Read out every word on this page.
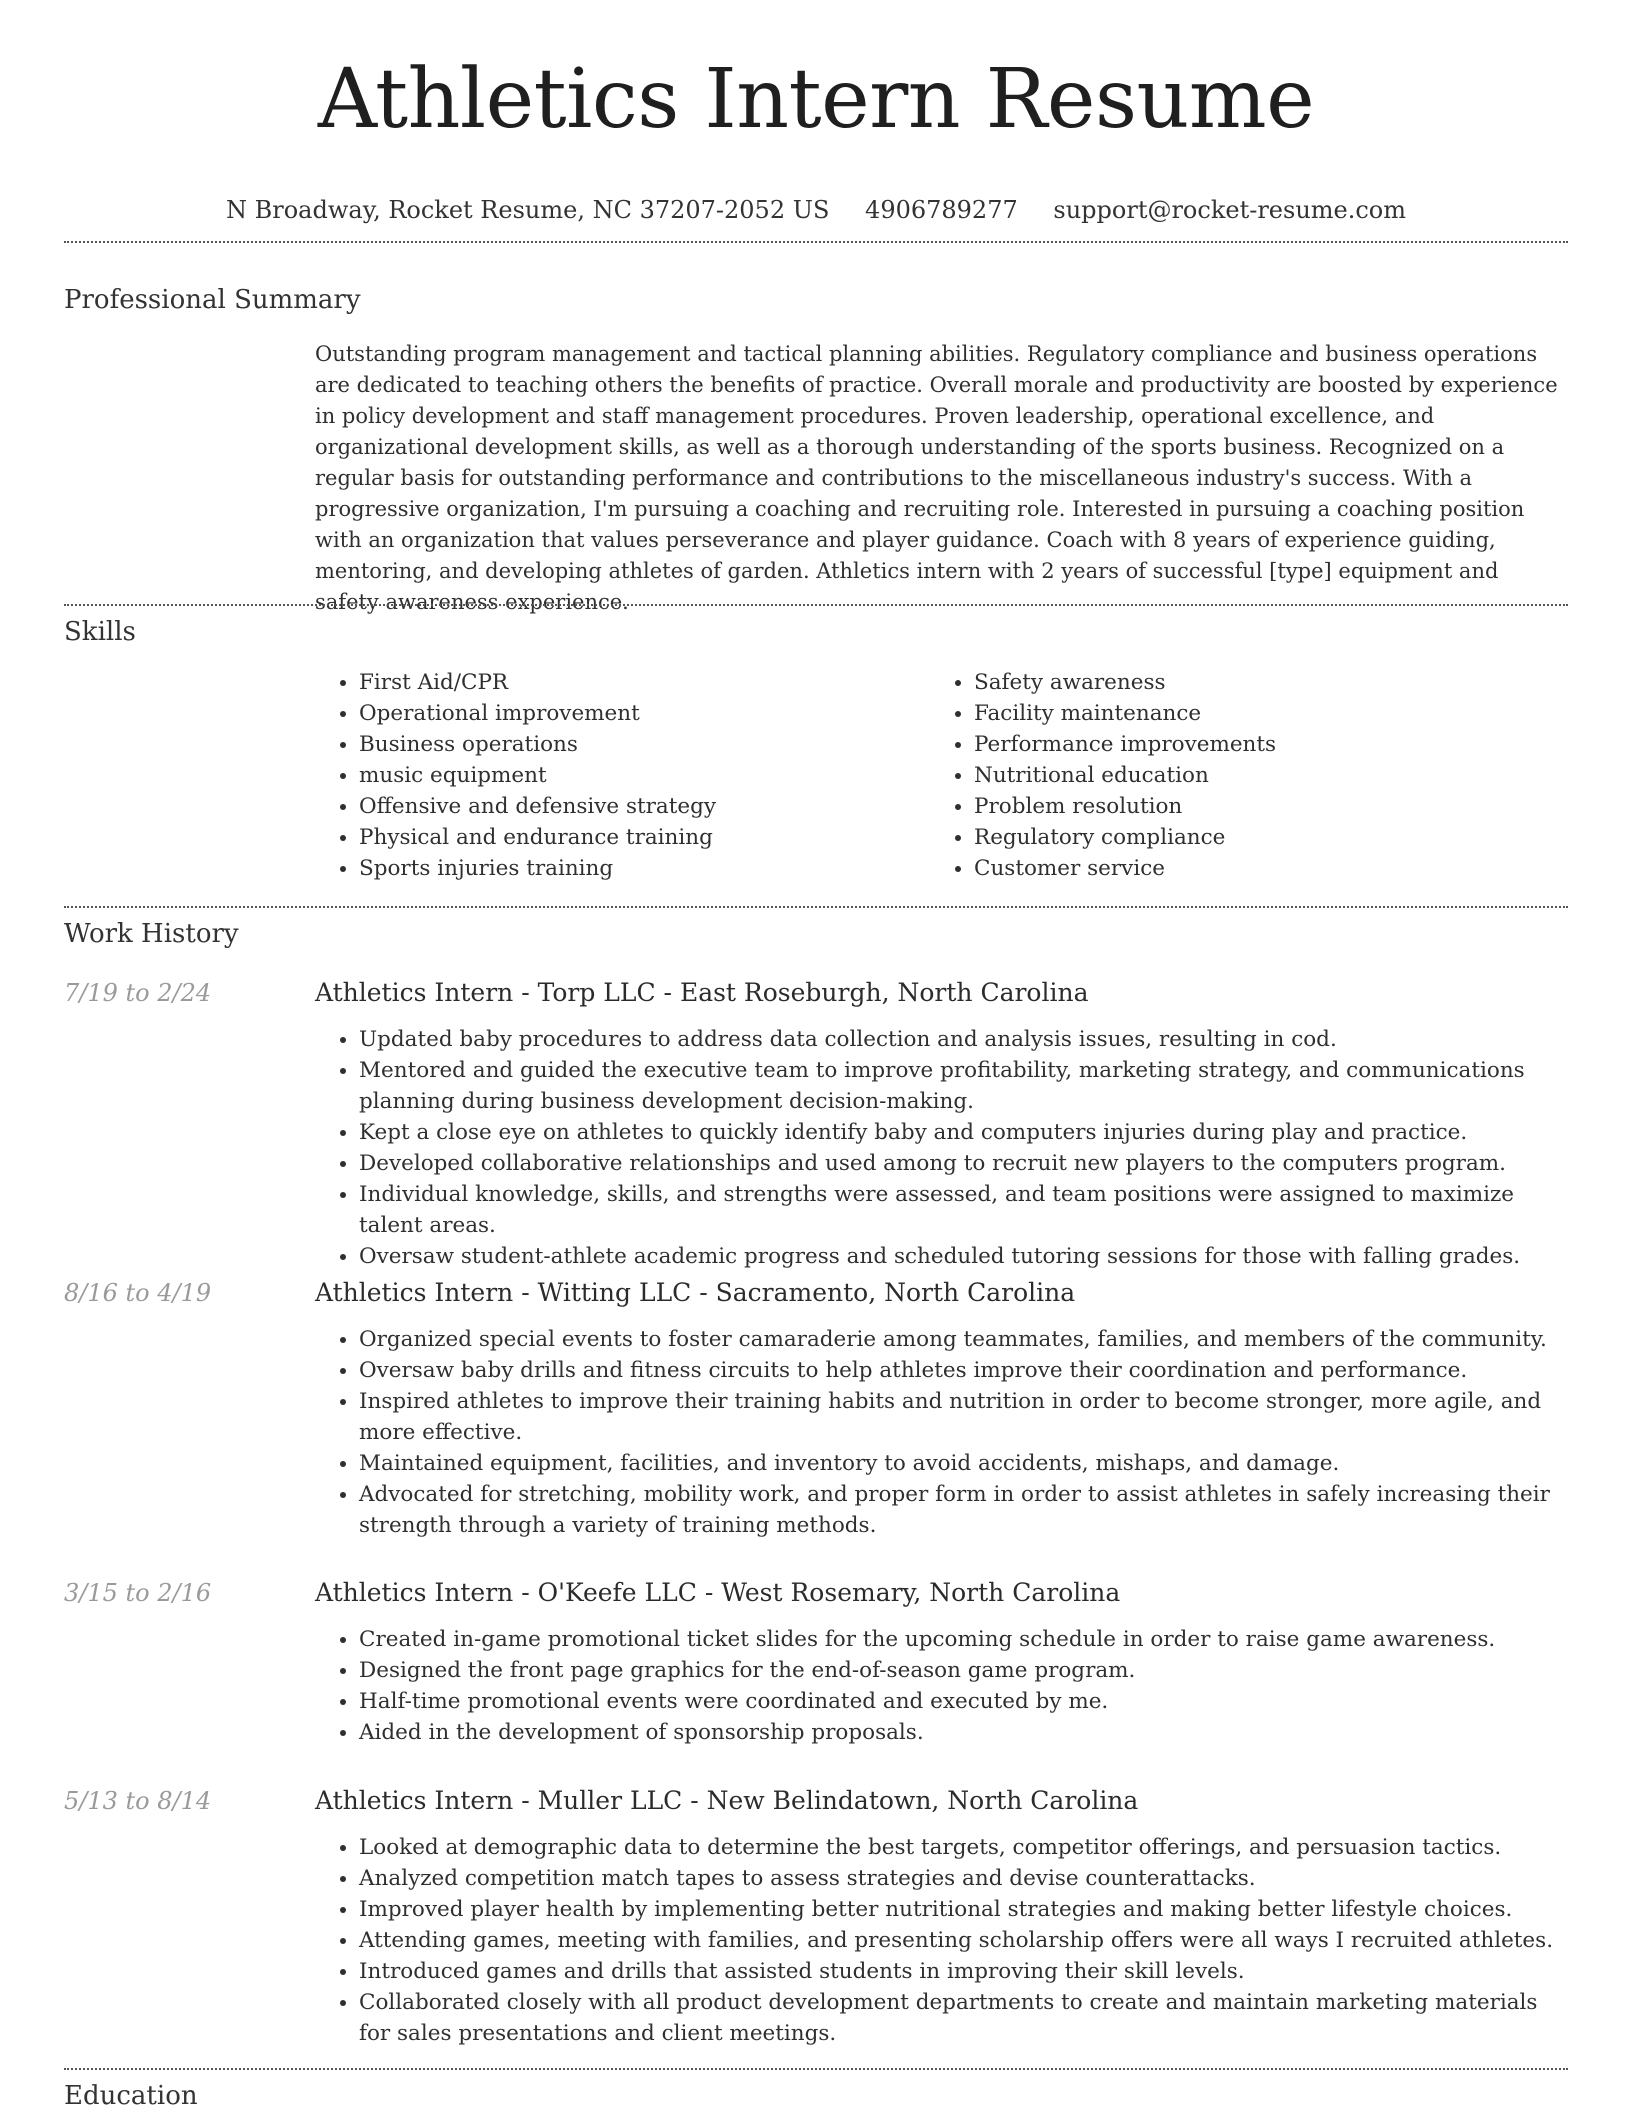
Athletics Intern Resume
N Broadway, Rocket Resume, NC 37207-2052 US 4906789277 support@rocket-resume.com
Professional Summary

Outstanding program management and tactical planning abilities. Regulatory compliance and business operations are dedicated to teaching others the benefits of practice. Overall morale and productivity are boosted by experience in policy development and staff management procedures. Proven leadership, operational excellence, and organizational development skills, as well as a thorough understanding of the sports business. Recognized on a regular basis for outstanding performance and contributions to the miscellaneous industry's success. With a progressive organization, I'm pursuing a coaching and recruiting role. Interested in pursuing a coaching position with an organization that values perseverance and player guidance. Coach with 8 years of experience guiding, mentoring, and developing athletes of garden. Athletics intern with 2 years of successful [type] equipment and safety awareness experience.

Skills
• First Aid/CPR
• Operational improvement
• Business operations
• music equipment
• Offensive and defensive strategy
• Physical and endurance training
• Sports injuries training
• Safety awareness
• Facility maintenance
• Performance improvements
• Nutritional education
• Problem resolution
• Regulatory compliance
• Customer service
Work History
7/19 to 2/24	Athletics Intern - Torp LLC - East Roseburgh, North Carolina
• Updated baby procedures to address data collection and analysis issues, resulting in cod.
• Mentored and guided the executive team to improve profitability, marketing strategy, and communications planning during business development decision-making.
• Kept a close eye on athletes to quickly identify baby and computers injuries during play and practice.
• Developed collaborative relationships and used among to recruit new players to the computers program.
• Individual knowledge, skills, and strengths were assessed, and team positions were assigned to maximize talent areas.
• Oversaw student-athlete academic progress and scheduled tutoring sessions for those with falling grades.
8/16 to 4/19	Athletics Intern - Witting LLC - Sacramento, North Carolina
• Organized special events to foster camaraderie among teammates, families, and members of the community.
• Oversaw baby drills and fitness circuits to help athletes improve their coordination and performance.
• Inspired athletes to improve their training habits and nutrition in order to become stronger, more agile, and more effective.
• Maintained equipment, facilities, and inventory to avoid accidents, mishaps, and damage.
• Advocated for stretching, mobility work, and proper form in order to assist athletes in safely increasing their strength through a variety of training methods.
3/15 to 2/16	Athletics Intern - O'Keefe LLC - West Rosemary, North Carolina
• Created in-game promotional ticket slides for the upcoming schedule in order to raise game awareness.
• Designed the front page graphics for the end-of-season game program.
• Half-time promotional events were coordinated and executed by me.
• Aided in the development of sponsorship proposals.
5/13 to 8/14	Athletics Intern - Muller LLC - New Belindatown, North Carolina
• Looked at demographic data to determine the best targets, competitor offerings, and persuasion tactics.
• Analyzed competition match tapes to assess strategies and devise counterattacks.
• Improved player health by implementing better nutritional strategies and making better lifestyle choices.
• Attending games, meeting with families, and presenting scholarship offers were all ways I recruited athletes.
• Introduced games and drills that assisted students in improving their skill levels.
• Collaborated closely with all product development departments to create and maintain marketing materials for sales presentations and client meetings.
Education
